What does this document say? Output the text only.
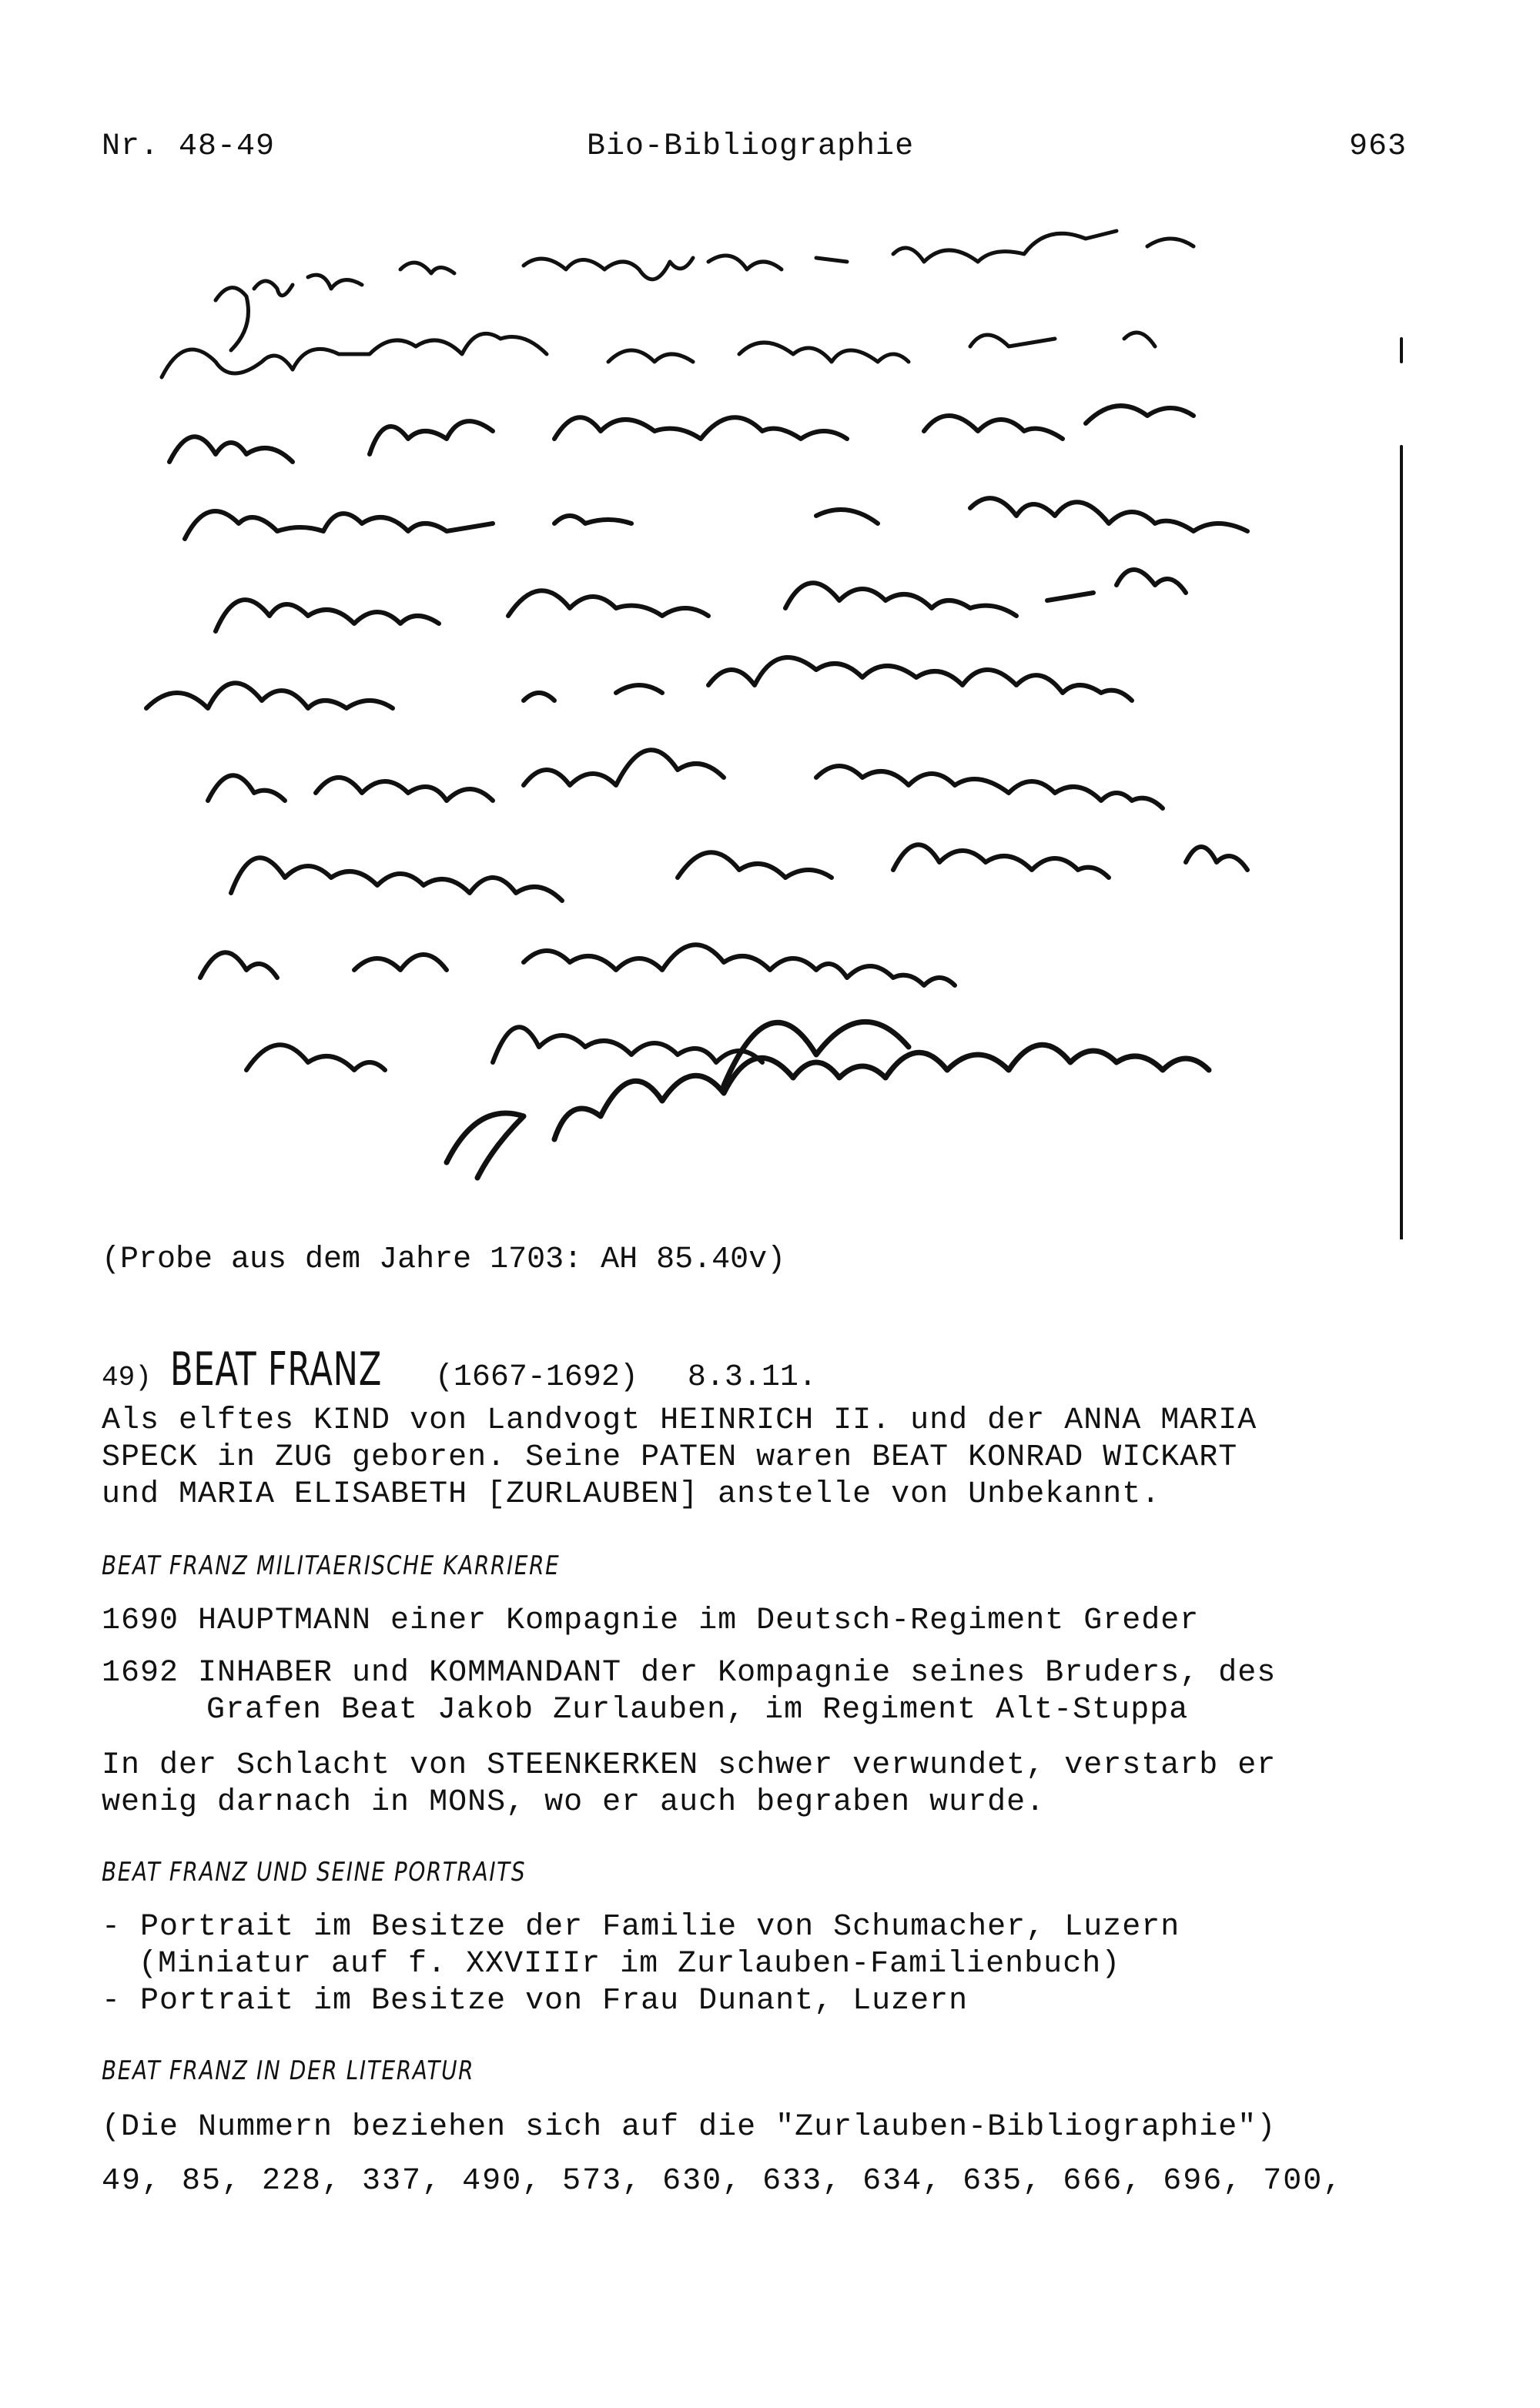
Nr. 48-49	Bio-Bibliographie	963
(Probe aus dem Jahre 1703: AH 85.40v)
49) BEAT FRANZ (1667-1692) 8.3.11.
Als elftes KIND von Landvogt HEINRICH II. und der ANNA MARIA
SPECK in ZUG geboren. Seine PATEN waren BEAT KONRAD WICKART
und MARIA ELISABETH [ZURLAUBEN] anstelle von Unbekannt.
BEAT FRANZ MILITAERISCHE KARRIERE
1690 HAUPTMANN einer Kompagnie im Deutsch-Regiment Greder
1692 INHABER und KOMMANDANT der Kompagnie seines Bruders, des
Grafen Beat Jakob Zurlauben, im Regiment Alt-Stuppa
In der Schlacht von STEENKERKEN schwer verwundet, verstarb er
wenig darnach in MONS, wo er auch begraben wurde.
BEAT FRANZ UND SEINE PORTRAITS
- Portrait im Besitze der Familie von Schumacher, Luzern
(Miniatur auf f. XXVIIIr im Zurlauben-Familienbuch)
- Portrait im Besitze von Frau Dunant, Luzern
BEAT FRANZ IN DER LITERATUR
(Die Nummern beziehen sich auf die "Zurlauben-Bibliographie")
49, 85, 228, 337, 490, 573, 630, 633, 634, 635, 666, 696, 700,
